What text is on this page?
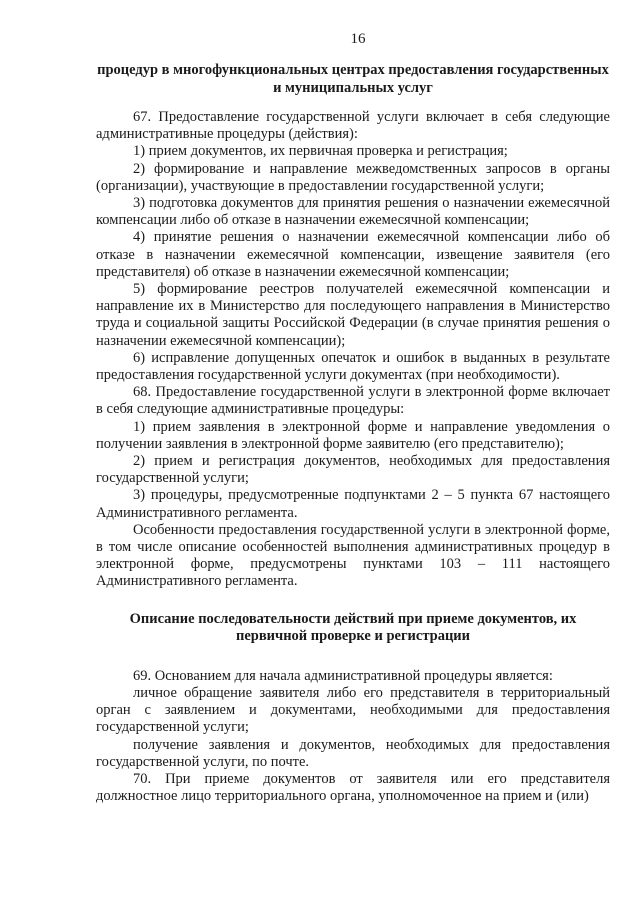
16
процедур в многофункциональных центрах предоставления государственных и муниципальных услуг

67. Предоставление государственной услуги включает в себя следующие административные процедуры (действия):

1) прием документов, их первичная проверка и регистрация;

2) формирование и направление межведомственных запросов в органы (организации), участвующие в предоставлении государственной услуги;

3) подготовка документов для принятия решения о назначении ежемесячной компенсации либо об отказе в назначении ежемесячной компенсации;

4) принятие решения о назначении ежемесячной компенсации либо об отказе в назначении ежемесячной компенсации, извещение заявителя (его представителя) об отказе в назначении ежемесячной компенсации;

5) формирование реестров получателей ежемесячной компенсации и направление их в Министерство для последующего направления в Министерство труда и социальной защиты Российской Федерации (в случае принятия решения о назначении ежемесячной компенсации);

6) исправление допущенных опечаток и ошибок в выданных в результате предоставления государственной услуги документах (при необходимости).

68. Предоставление государственной услуги в электронной форме включает в себя следующие административные процедуры:

1) прием заявления в электронной форме и направление уведомления о получении заявления в электронной форме заявителю (его представителю);

2) прием и регистрация документов, необходимых для предоставления государственной услуги;

3) процедуры, предусмотренные подпунктами 2 – 5 пункта 67 настоящего Административного регламента.

Особенности предоставления государственной услуги в электронной форме, в том числе описание особенностей выполнения административных процедур в электронной форме, предусмотрены пунктами 103 – 111 настоящего Административного регламента.

Описание последовательности действий при приеме документов, их первичной проверке и регистрации

69. Основанием для начала административной процедуры является:

личное обращение заявителя либо его представителя в территориальный орган с заявлением и документами, необходимыми для предоставления государственной услуги;

получение заявления и документов, необходимых для предоставления государственной услуги, по почте.

70. При приеме документов от заявителя или его представителя должностное лицо территориального органа, уполномоченное на прием и (или)
